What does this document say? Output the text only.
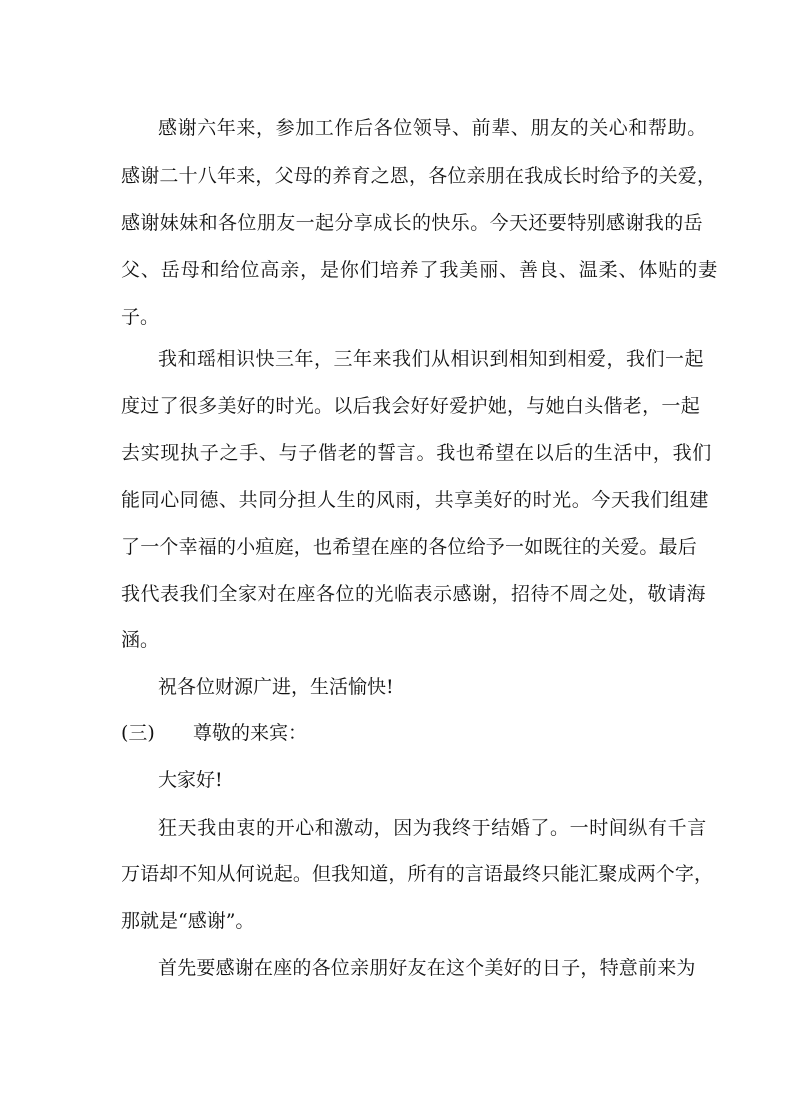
感谢六年来，参加工作后各位领导、前辈、朋友的关心和帮助。
感谢二十八年来，父母的养育之恩，各位亲朋在我成长时给予的关爱，
感谢妹妹和各位朋友一起分享成长的快乐。今天还要特别感谢我的岳
父、岳母和给位高亲，是你们培养了我美丽、善良、温柔、体贴的妻
子。
我和瑶相识快三年，三年来我们从相识到相知到相爱，我们一起
度过了很多美好的时光。以后我会好好爱护她，与她白头偕老，一起
去实现执子之手、与子偕老的誓言。我也希望在以后的生活中，我们
能同心同德、共同分担人生的风雨，共享美好的时光。今天我们组建
了一个幸福的小疸庭，也希望在座的各位给予一如既往的关爱。最后
我代表我们全家对在座各位的光临表示感谢，招待不周之处，敬请海
涵。
祝各位财源广进，生活愉快!
(三) 尊敬的来宾：
大家好!
狂天我由衷的开心和激动，因为我终于结婚了。一时间纵有千言
万语却不知从何说起。但我知道，所有的言语最终只能汇聚成两个字，
那就是“感谢”。
首先要感谢在座的各位亲朋好友在这个美好的日子，特意前来为
